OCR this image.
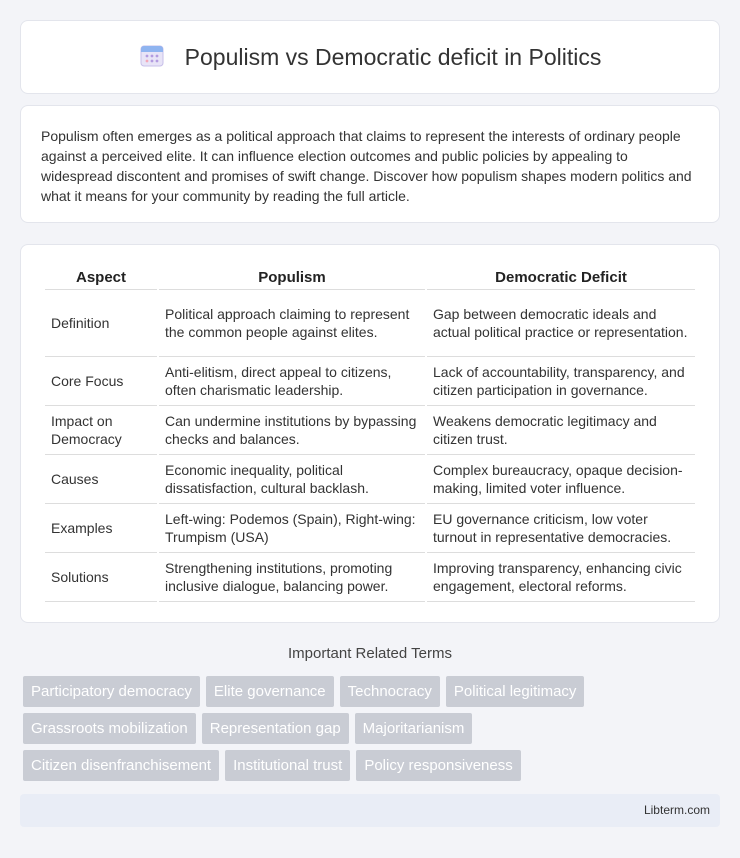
Populism vs Democratic deficit in Politics

Populism often emerges as a political approach that claims to represent the interests of ordinary people against a perceived elite. It can influence election outcomes and public policies by appealing to widespread discontent and promises of swift change. Discover how populism shapes modern politics and what it means for your community by reading the full article.

Aspect	Populism	Democratic Deficit
Definition	Political approach claiming to represent the common people against elites.	Gap between democratic ideals and actual political practice or representation.
Core Focus	Anti-elitism, direct appeal to citizens, often charismatic leadership.	Lack of accountability, transparency, and citizen participation in governance.
Impact on Democracy	Can undermine institutions by bypassing checks and balances.	Weakens democratic legitimacy and citizen trust.
Causes	Economic inequality, political dissatisfaction, cultural backlash.	Complex bureaucracy, opaque decision-making, limited voter influence.
Examples	Left-wing: Podemos (Spain), Right-wing: Trumpism (USA)	EU governance criticism, low voter turnout in representative democracies.
Solutions	Strengthening institutions, promoting inclusive dialogue, balancing power.	Improving transparency, enhancing civic engagement, electoral reforms.
Important Related Terms
Participatory democracy	Elite governance	Technocracy	Political legitimacy
Grassroots mobilization	Representation gap	Majoritarianism
Citizen disenfranchisement	Institutional trust	Policy responsiveness
Libterm.com
